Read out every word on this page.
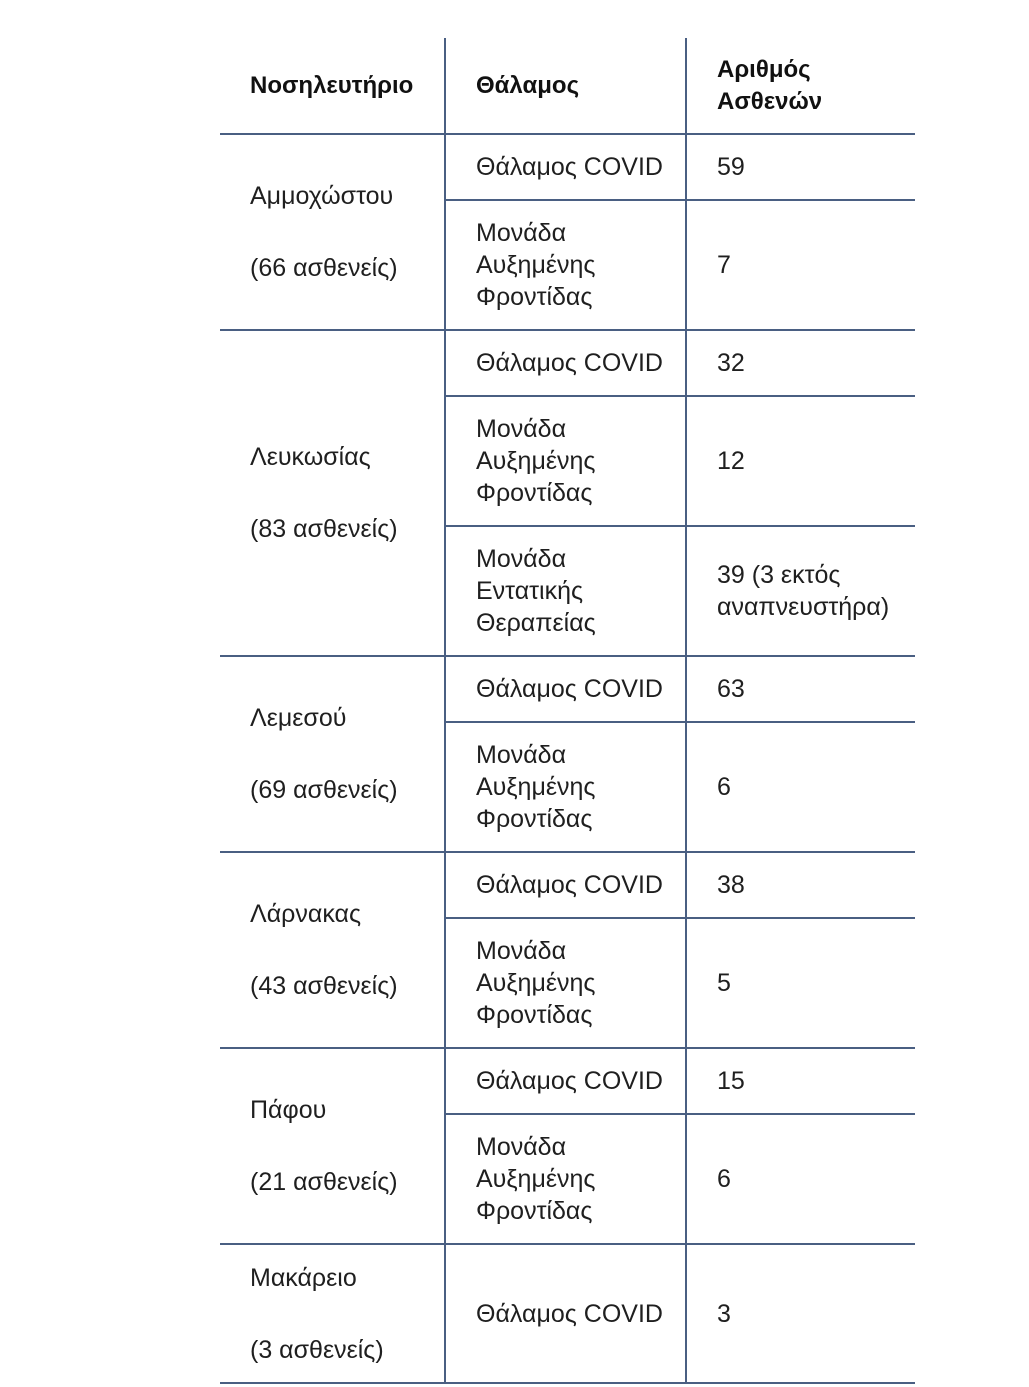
Νοσηλευτήριο	Θάλαμος	Αριθμός Ασθενών

Αμμοχώστου
(66 ασθενείς)	Θάλαμος COVID	59

	Μονάδα
Αυξημένης
Φροντίδας	7

Λευκωσίας
(83 ασθενείς)	Θάλαμος COVID	32

	Μονάδα
Αυξημένης
Φροντίδας	12

	Μονάδα
Εντατικής
Θεραπείας	39 (3 εκτός αναπνευστήρα)

Λεμεσού
(69 ασθενείς)	Θάλαμος COVID	63

	Μονάδα
Αυξημένης
Φροντίδας	6

Λάρνακας
(43 ασθενείς)	Θάλαμος COVID	38

	Μονάδα
Αυξημένης
Φροντίδας	5

Πάφου
(21 ασθενείς)	Θάλαμος COVID	15

	Μονάδα
Αυξημένης
Φροντίδας	6

Μακάρειο
(3 ασθενείς)	Θάλαμος COVID	3
